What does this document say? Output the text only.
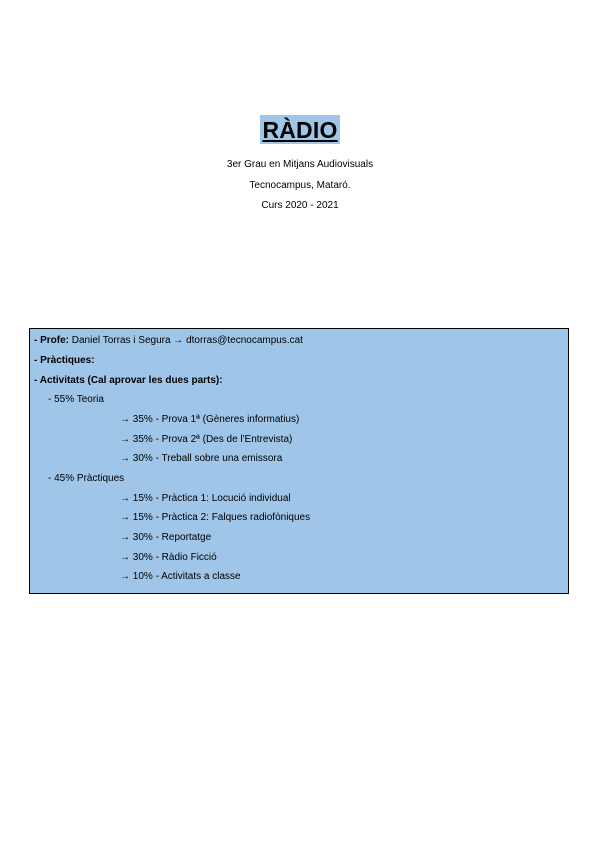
RÀDIO
3er Grau en Mitjans Audiovisuals
Tecnocampus, Mataró.
Curs 2020 - 2021
- Profe: Daniel Torras i Segura → dtorras@tecnocampus.cat
- Pràctiques:
- Activitats (Cal aprovar les dues parts):
- 55% Teoria
→ 35% - Prova 1ª (Gèneres informatius)
→ 35% - Prova 2ª (Des de l'Entrevista)
→ 30% - Treball sobre una emissora
- 45% Pràctiques
→ 15% - Pràctica 1: Locució individual
→ 15% - Pràctica 2: Falques radiofòniques
→ 30% - Reportatge
→ 30% - Ràdio Ficció
→ 10% - Activitats a classe
